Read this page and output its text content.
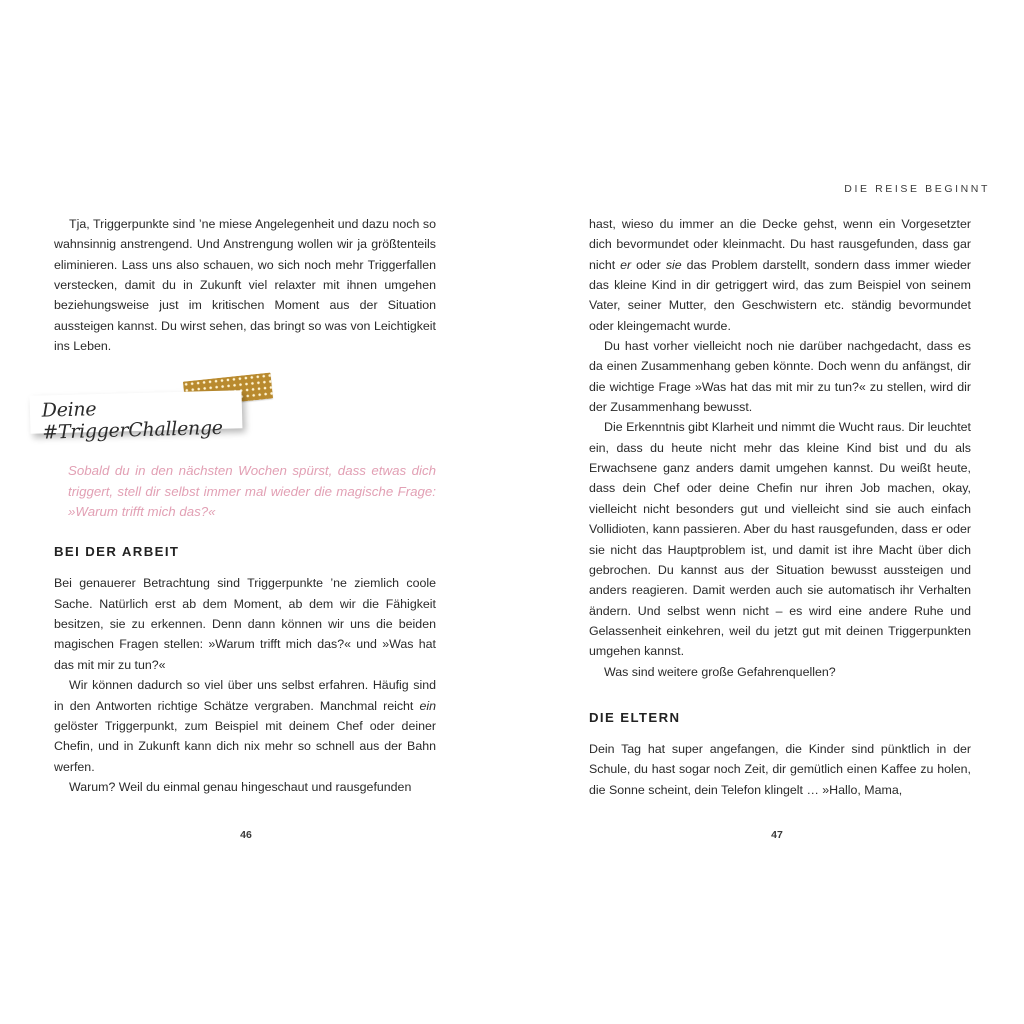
DIE REISE BEGINNT

Tja, Triggerpunkte sind ’ne miese Angelegenheit und dazu noch so wahnsinnig anstrengend. Und Anstrengung wollen wir ja größtenteils eliminieren. Lass uns also schauen, wo sich noch mehr Triggerfallen verstecken, damit du in Zukunft viel relaxter mit ihnen umgehen beziehungsweise just im kritischen Moment aus der Situation aussteigen kannst. Du wirst sehen, das bringt so was von Leichtigkeit ins Leben.

Deine #TriggerChallenge

Sobald du in den nächsten Wochen spürst, dass etwas dich triggert, stell dir selbst immer mal wieder die magische Frage: »Warum trifft mich das?«

BEI DER ARBEIT

Bei genauerer Betrachtung sind Triggerpunkte ’ne ziemlich coole Sache. Natürlich erst ab dem Moment, ab dem wir die Fähigkeit besitzen, sie zu erkennen. Denn dann können wir uns die beiden magischen Fragen stellen: »Warum trifft mich das?« und »Was hat das mit mir zu tun?«

Wir können dadurch so viel über uns selbst erfahren. Häufig sind in den Antworten richtige Schätze vergraben. Manchmal reicht ein gelöster Triggerpunkt, zum Beispiel mit deinem Chef oder deiner Chefin, und in Zukunft kann dich nix mehr so schnell aus der Bahn werfen.

Warum? Weil du einmal genau hingeschaut und rausgefunden

46

hast, wieso du immer an die Decke gehst, wenn ein Vorgesetzter dich bevormundet oder kleinmacht. Du hast rausgefunden, dass gar nicht er oder sie das Problem darstellt, sondern dass immer wieder das kleine Kind in dir getriggert wird, das zum Beispiel von seinem Vater, seiner Mutter, den Geschwistern etc. ständig bevormundet oder kleingemacht wurde.

Du hast vorher vielleicht noch nie darüber nachgedacht, dass es da einen Zusammenhang geben könnte. Doch wenn du anfängst, dir die wichtige Frage »Was hat das mit mir zu tun?« zu stellen, wird dir der Zusammenhang bewusst.

Die Erkenntnis gibt Klarheit und nimmt die Wucht raus. Dir leuchtet ein, dass du heute nicht mehr das kleine Kind bist und du als Erwachsene ganz anders damit umgehen kannst. Du weißt heute, dass dein Chef oder deine Chefin nur ihren Job machen, okay, vielleicht nicht besonders gut und vielleicht sind sie auch einfach Vollidioten, kann passieren. Aber du hast rausgefunden, dass er oder sie nicht das Hauptproblem ist, und damit ist ihre Macht über dich gebrochen. Du kannst aus der Situation bewusst aussteigen und anders reagieren. Damit werden auch sie automatisch ihr Verhalten ändern. Und selbst wenn nicht – es wird eine andere Ruhe und Gelassenheit einkehren, weil du jetzt gut mit deinen Triggerpunkten umgehen kannst.

Was sind weitere große Gefahrenquellen?

DIE ELTERN

Dein Tag hat super angefangen, die Kinder sind pünktlich in der Schule, du hast sogar noch Zeit, dir gemütlich einen Kaffee zu holen, die Sonne scheint, dein Telefon klingelt … »Hallo, Mama,

47
